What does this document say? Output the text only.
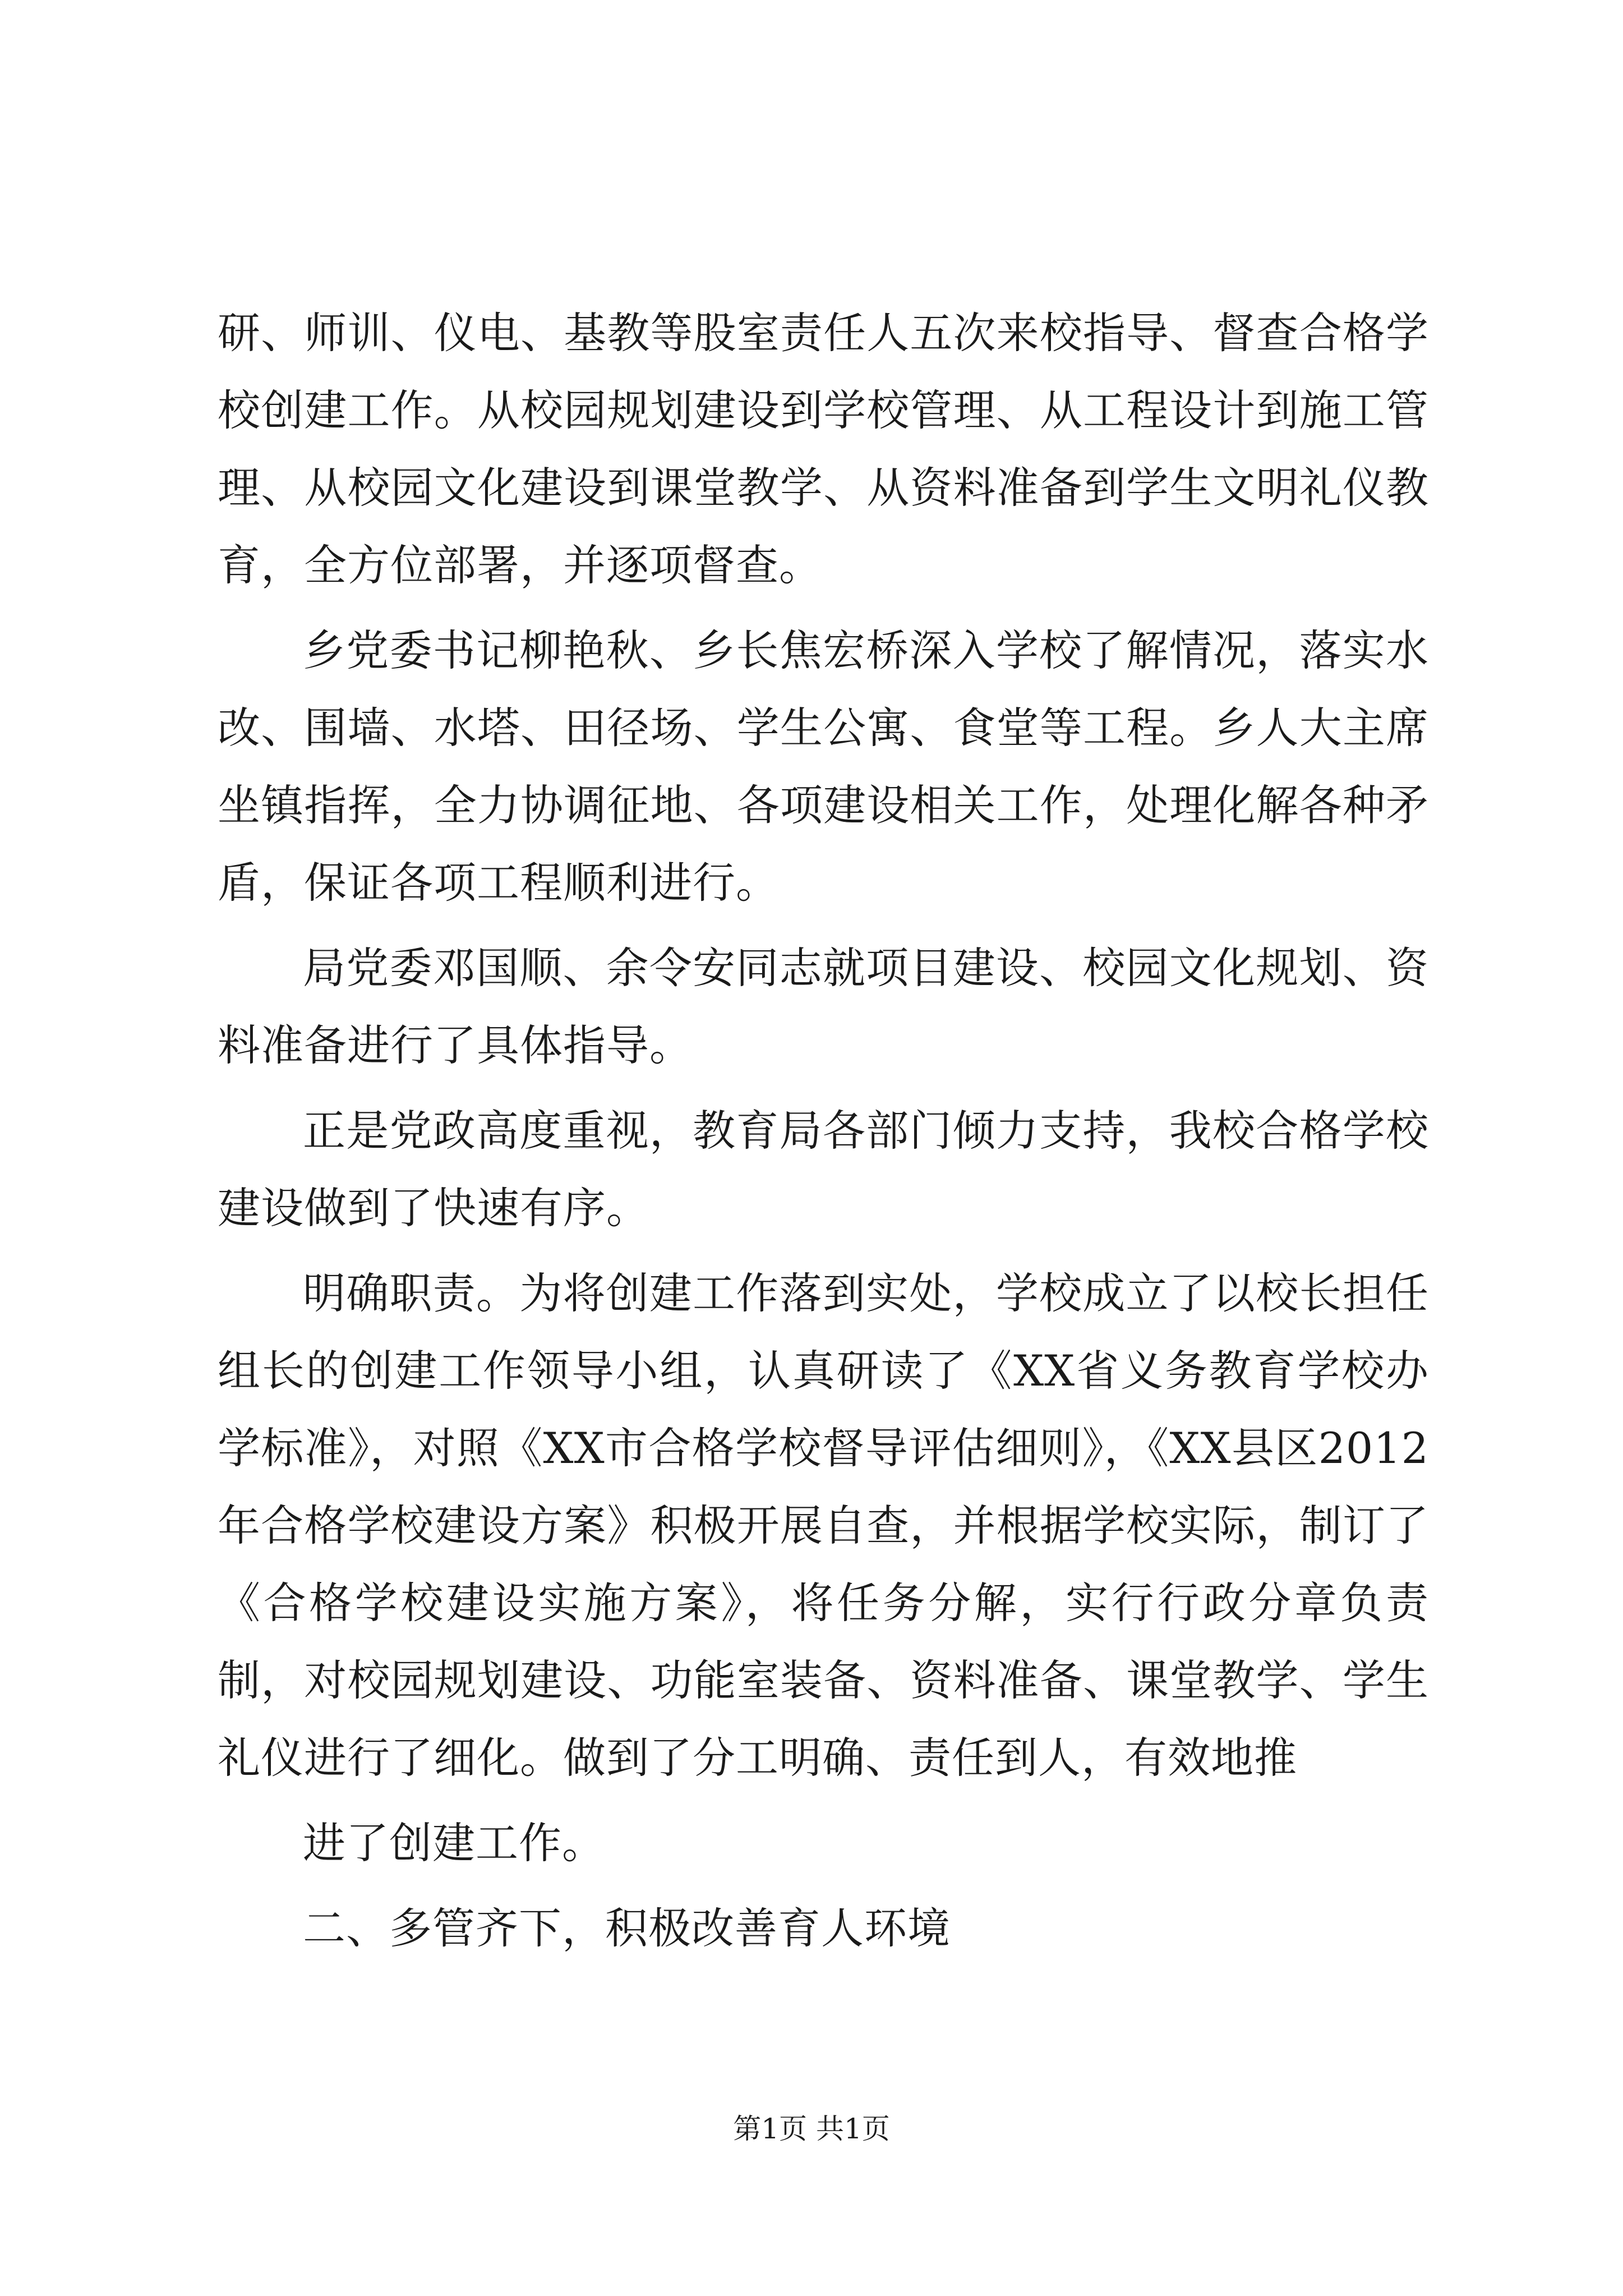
研、师训、仪电、基教等股室责任人五次来校指导、督查合格学校创建工作。从校园规划建设到学校管理、从工程设计到施工管理、从校园文化建设到课堂教学、从资料准备到学生文明礼仪教育，全方位部署，并逐项督查。

乡党委书记柳艳秋、乡长焦宏桥深入学校了解情况，落实水改、围墙、水塔、田径场、学生公寓、食堂等工程。乡人大主席坐镇指挥，全力协调征地、各项建设相关工作，处理化解各种矛盾，保证各项工程顺利进行。

局党委邓国顺、余令安同志就项目建设、校园文化规划、资料准备进行了具体指导。

正是党政高度重视，教育局各部门倾力支持，我校合格学校建设做到了快速有序。

明确职责。为将创建工作落到实处，学校成立了以校长担任组长的创建工作领导小组，认真研读了《XX省义务教育学校办学标准》，对照《XX市合格学校督导评估细则》，《XX县区2012年合格学校建设方案》积极开展自查，并根据学校实际，制订了《合格学校建设实施方案》，将任务分解，实行行政分章负责制，对校园规划建设、功能室装备、资料准备、课堂教学、学生礼仪进行了细化。做到了分工明确、责任到人，有效地推

进了创建工作。

二、多管齐下，积极改善育人环境

第1页 共1页
